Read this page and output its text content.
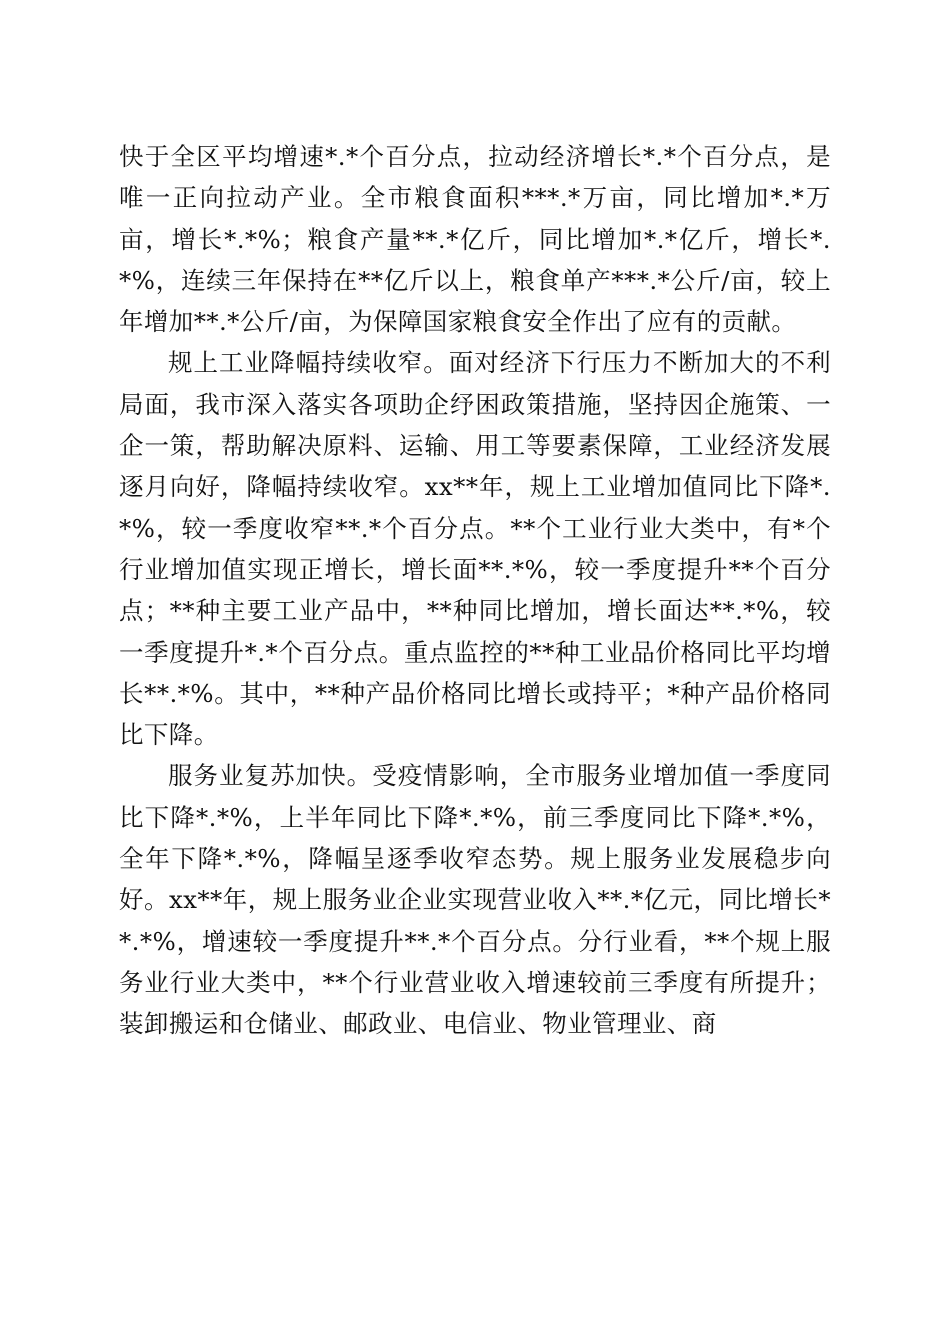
快于全区平均增速*.*个百分点，拉动经济增长*.*个百分点，是唯一正向拉动产业。全市粮食面积***.*万亩，同比增加*.*万亩，增长*.*%；粮食产量**.*亿斤，同比增加*.*亿斤，增长*.*%，连续三年保持在**亿斤以上，粮食单产***.*公斤/亩，较上年增加**.*公斤/亩，为保障国家粮食安全作出了应有的贡献。

规上工业降幅持续收窄。面对经济下行压力不断加大的不利局面，我市深入落实各项助企纾困政策措施，坚持因企施策、一企一策，帮助解决原料、运输、用工等要素保障，工业经济发展逐月向好，降幅持续收窄。xx**年，规上工业增加值同比下降*.*%，较一季度收窄**.*个百分点。**个工业行业大类中，有*个行业增加值实现正增长，增长面**.*%，较一季度提升**个百分点；**种主要工业产品中，**种同比增加，增长面达**.*%，较一季度提升*.*个百分点。重点监控的**种工业品价格同比平均增长**.*%。其中，**种产品价格同比增长或持平；*种产品价格同比下降。

服务业复苏加快。受疫情影响，全市服务业增加值一季度同比下降*.*%，上半年同比下降*.*%，前三季度同比下降*.*%，全年下降*.*%，降幅呈逐季收窄态势。规上服务业发展稳步向好。xx**年，规上服务业企业实现营业收入**.*亿元，同比增长**.*%，增速较一季度提升**.*个百分点。分行业看，**个规上服务业行业大类中，**个行业营业收入增速较前三季度有所提升；装卸搬运和仓储业、邮政业、电信业、物业管理业、商
